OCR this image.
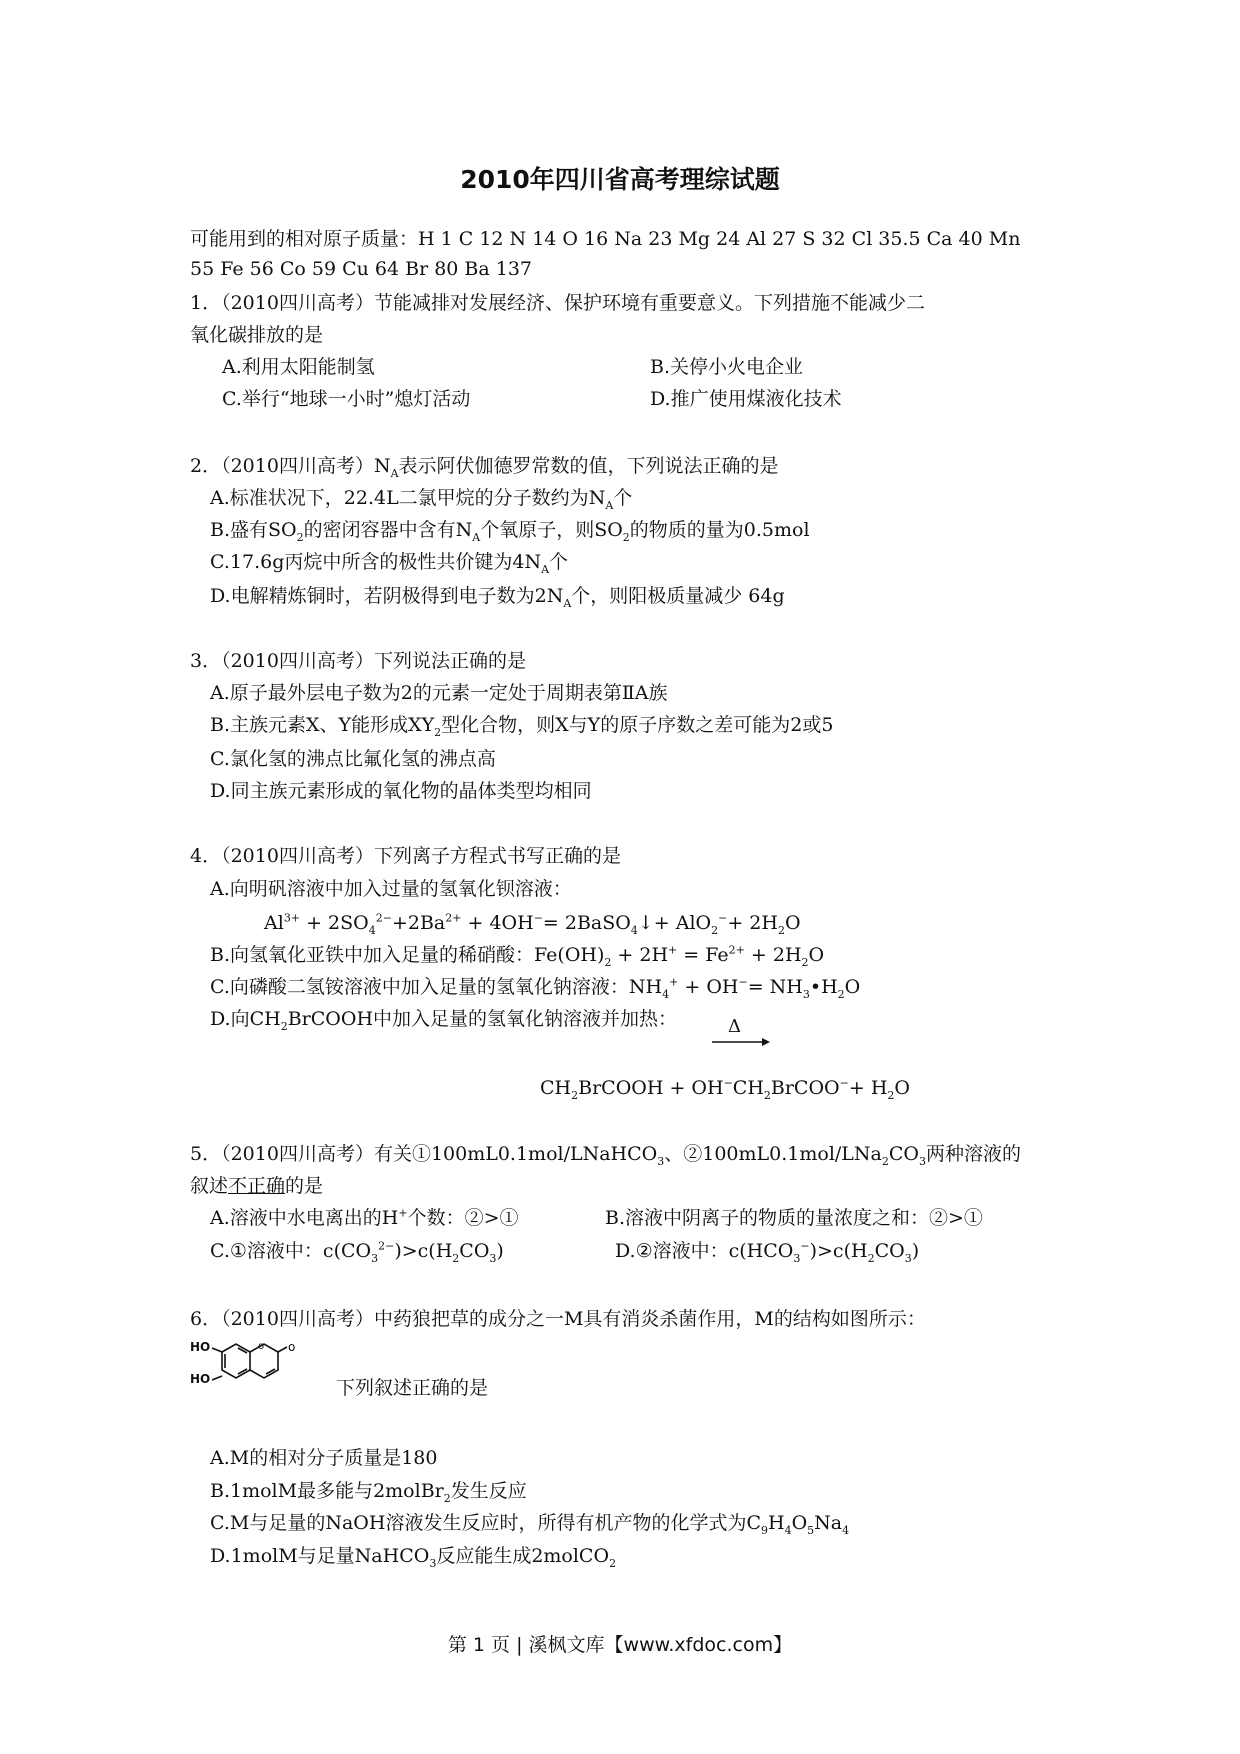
2010年四川省高考理综试题
可能用到的相对原子质量：H 1 C 12 N 14 O 16 Na 23 Mg 24 Al 27 S 32 Cl 35.5 Ca 40 Mn
55 Fe 56 Co 59 Cu 64 Br 80 Ba 137
1．（2010四川高考）节能减排对发展经济、保护环境有重要意义。下列措施不能减少二
氧化碳排放的是
A.利用太阳能制氢	B.关停小火电企业
C.举行“地球一小时”熄灯活动	D.推广使用煤液化技术
2．（2010四川高考）$N_A$表示阿伏伽德罗常数的值，下列说法正确的是
A.标准状况下，22.4L二氯甲烷的分子数约为$N_A$个
B.盛有$SO_2$的密闭容器中含有$N_A$个氧原子，则$SO_2$的物质的量为0.5mol
C.17.6g丙烷中所含的极性共价键为$4N_A$个
D.电解精炼铜时，若阴极得到电子数为$2N_A$个，则阳极质量减少 64g
3．（2010四川高考）下列说法正确的是
A.原子最外层电子数为2的元素一定处于周期表第ⅡA族
B.主族元素X、Y能形成$XY_2$型化合物，则X与Y的原子序数之差可能为2或5
C.氯化氢的沸点比氟化氢的沸点高
D.同主族元素形成的氧化物的晶体类型均相同
4．（2010四川高考）下列离子方程式书写正确的是
A.向明矾溶液中加入过量的氢氧化钡溶液：
$Al^{3+} + 2SO_4^{2-}+2Ba^{2+} + 4OH^-=$ 2BaSO$_4$↓+ $AlO_2^-+ 2H_2O$
B.向氢氧化亚铁中加入足量的稀硝酸：$Fe(OH)_2 + 2H^+ = Fe^{2+} + 2H_2O$
C.向磷酸二氢铵溶液中加入足量的氢氧化钠溶液：$NH_4^+ + OH^-=$ $NH_3•H_2O$
D.向$CH_2BrCOOH$中加入足量的氢氧化钠溶液并加热：	Δ
$CH_2BrCOOH$ + $OH^-CH_2BrCOO^-+ H_2O$
5．（2010四川高考）有关①100mL0.1mol/LNaHCO$_3$、$②100mL0.1mol/LNa_2CO_3$两种溶液的
叙述不正确的是
A.溶液中水电离出的H+个数：②>①	B.溶液中阴离子的物质的量浓度之和：②>①
C.①溶液中：$c(CO_3^{2-})>c(H_2CO_3)$	D.②溶液中：$c(HCO_3^-)>c(H_2CO_3)$
6．（2010四川高考）中药狼把草的成分之一M具有消炎杀菌作用，M的结构如图所示：
HO
HO
o o
下列叙述正确的是
A.M的相对分子质量是180
B.1molM最多能与2molBr$_2$发生反应
C.M与足量的NaOH溶液发生反应时，所得有机产物的化学式为$C_9H_4O_5Na_4$
D.1molM与足量NaHCO$_3$反应能生成2molCO$_2$
第 1 页 | 溪枫文库【www.xfdoc.com】
